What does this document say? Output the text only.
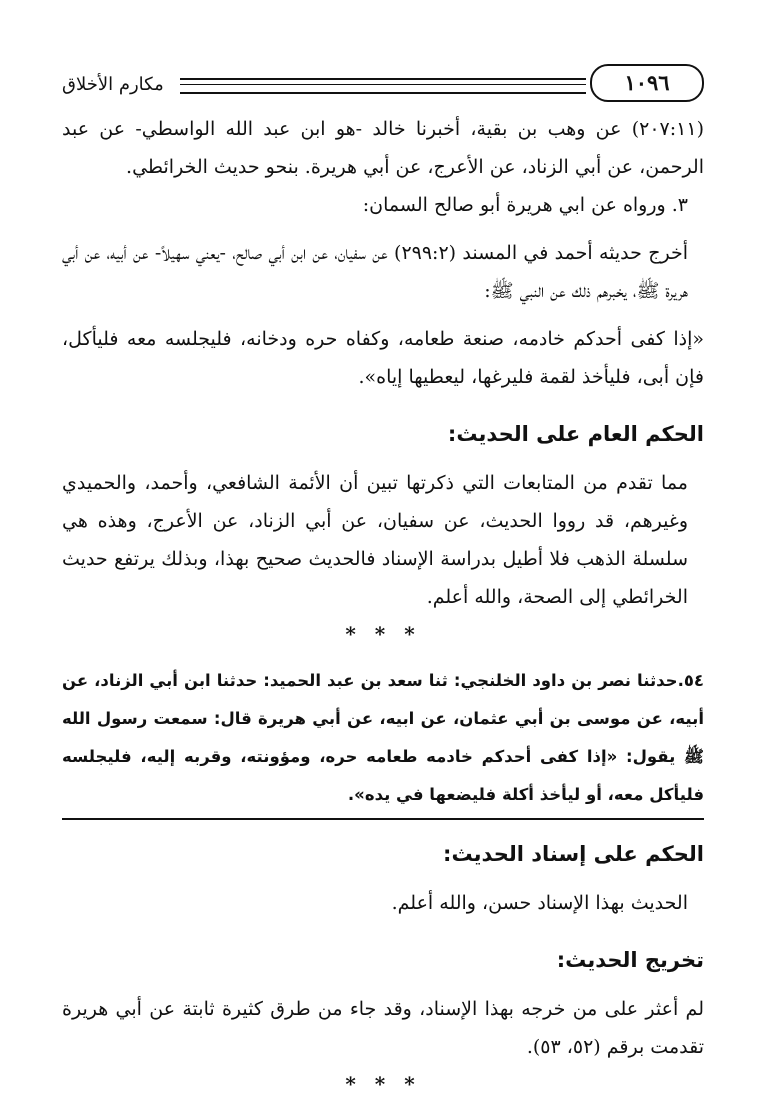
١٠٩٦
مكارم الأخلاق

(٢٠٧:١١) عن وهب بن بقية، أخبرنا خالد -هو ابن عبد الله الواسطي- عن عبد الرحمن، عن أبي الزناد، عن الأعرج، عن أبي هريرة. بنحو حديث الخرائطي.

٣. ورواه عن ابي هريرة أبو صالح السمان:

أخرج حديثه أحمد في المسند (٢٩٩:٢) عن سفيان، عن ابن أبي صالح، -يعني سهيلاً- عن أبيه، عن أبي هريرة ﷺ، يخبرهم ذلك عن النبي ﷺ:

«إذا كفى أحدكم خادمه، صنعة طعامه، وكفاه حره ودخانه، فليجلسه معه فليأكل، فإن أبى، فليأخذ لقمة فليرغها، ليعطيها إياه».

الحكم العام على الحديث:

مما تقدم من المتابعات التي ذكرتها تبين أن الأئمة الشافعي، وأحمد، والحميدي وغيرهم، قد رووا الحديث، عن سفيان، عن أبي الزناد، عن الأعرج، وهذه هي سلسلة الذهب فلا أطيل بدراسة الإسناد فالحديث صحيح بهذا، وبذلك يرتفع حديث الخرائطي إلى الصحة، والله أعلم.

* * *

٥٤.حدثنا نصر بن داود الخلنجي: ثنا سعد بن عبد الحميد: حدثنا ابن أبي الزناد، عن أبيه، عن موسى بن أبي عثمان، عن ابيه، عن أبي هريرة قال: سمعت رسول الله ﷺ يقول: «إذا كفى أحدكم خادمه طعامه حره، ومؤونته، وقربه إليه، فليجلسه فليأكل معه، أو ليأخذ أكلة فليضعها في يده».

الحكم على إسناد الحديث:

الحديث بهذا الإسناد حسن، والله أعلم.

تخريج الحديث:

لم أعثر على من خرجه بهذا الإسناد، وقد جاء من طرق كثيرة ثابتة عن أبي هريرة تقدمت برقم (٥٢، ٥٣).

* * *
